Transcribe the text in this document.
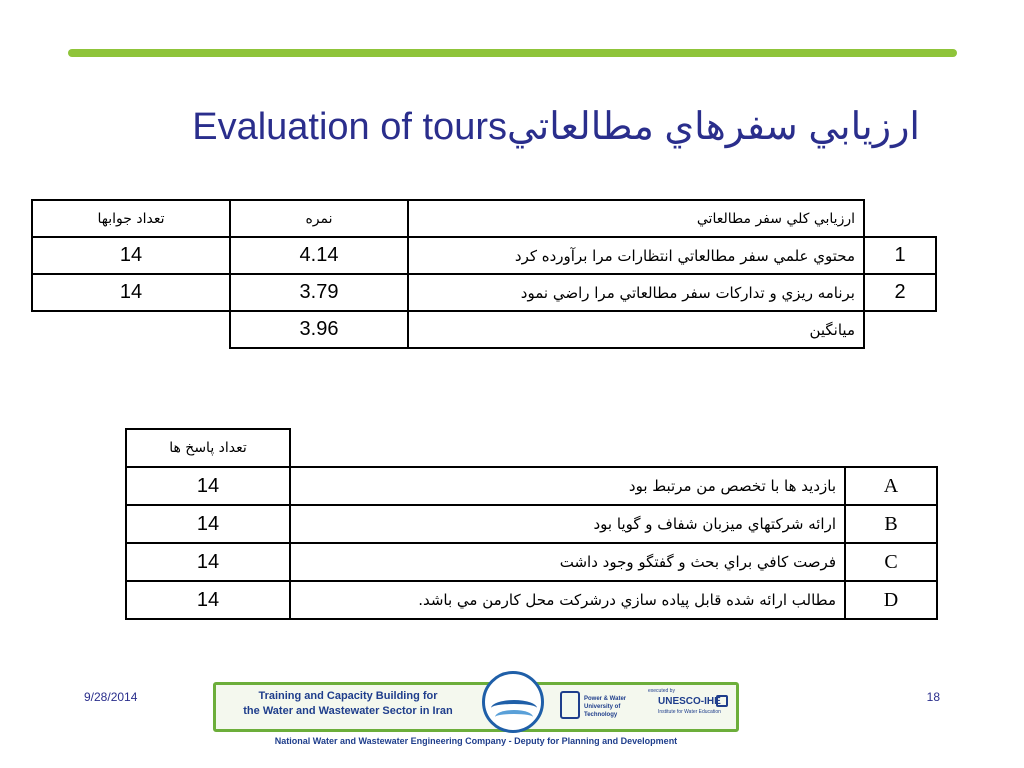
Evaluation of toursارزيابي سفرهاي مطالعاتي
تعداد جوابها	نمره	ارزيابي كلي سفر مطالعاتي	
14	4.14	محتوي علمي سفر مطالعاتي انتظارات مرا برآورده كرد	1
14	3.79	برنامه ريزي و تداركات سفر مطالعاتي مرا راضي نمود	2
	3.96	ميانگين	
تعداد پاسخ ها		
14	بازديد ها با تخصص من مرتبط بود	A
14	ارائه شركتهاي ميزبان شفاف و گويا بود	B
14	فرصت كافي براي بحث و گفتگو وجود داشت	C
14	مطالب ارائه شده قابل پياده سازي درشركت محل كارمن مي باشد.	D
9/28/2014	18
Training and Capacity Building for
the Water and Wastewater Sector in Iran
Power & Water
University of Technology
executed by
UNESCO-IHE
Institute for Water Education
National Water and Wastewater Engineering Company - Deputy for Planning and Development
